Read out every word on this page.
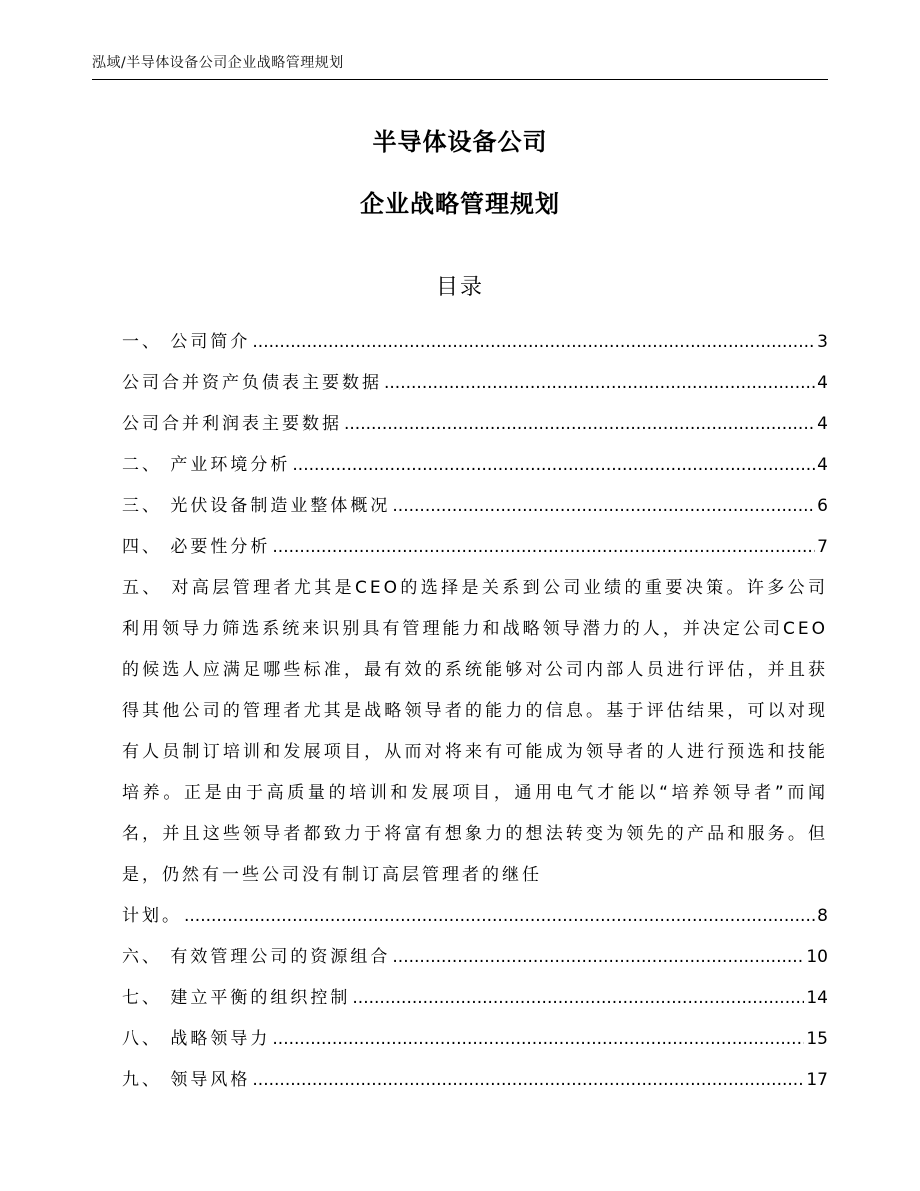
泓域/半导体设备公司企业战略管理规划
半导体设备公司
企业战略管理规划
目录
一、 公司简介 .....	3
公司合并资产负债表主要数据 .....	4
公司合并利润表主要数据 .....	4
二、 产业环境分析 .....	4
三、 光伏设备制造业整体概况 .....	6
四、 必要性分析 .....	7
五、 对高层管理者尤其是CEO的选择是关系到公司业绩的重要决策。许多公司利用领导力筛选系统来识别具有管理能力和战略领导潜力的人，并决定公司CEO的候选人应满足哪些标准，最有效的系统能够对公司内部人员进行评估，并且获得其他公司的管理者尤其是战略领导者的能力的信息。基于评估结果，可以对现有人员制订培训和发展项目，从而对将来有可能成为领导者的人进行预选和技能培养。正是由于高质量的培训和发展项目，通用电气才能以“培养领导者”而闻名，并且这些领导者都致力于将富有想象力的想法转变为领先的产品和服务。但是，仍然有一些公司没有制订高层管理者的继任
计划。 .....	8
六、 有效管理公司的资源组合 .....	10
七、 建立平衡的组织控制 .....	14
八、 战略领导力 .....	15
九、 领导风格 .....	17
